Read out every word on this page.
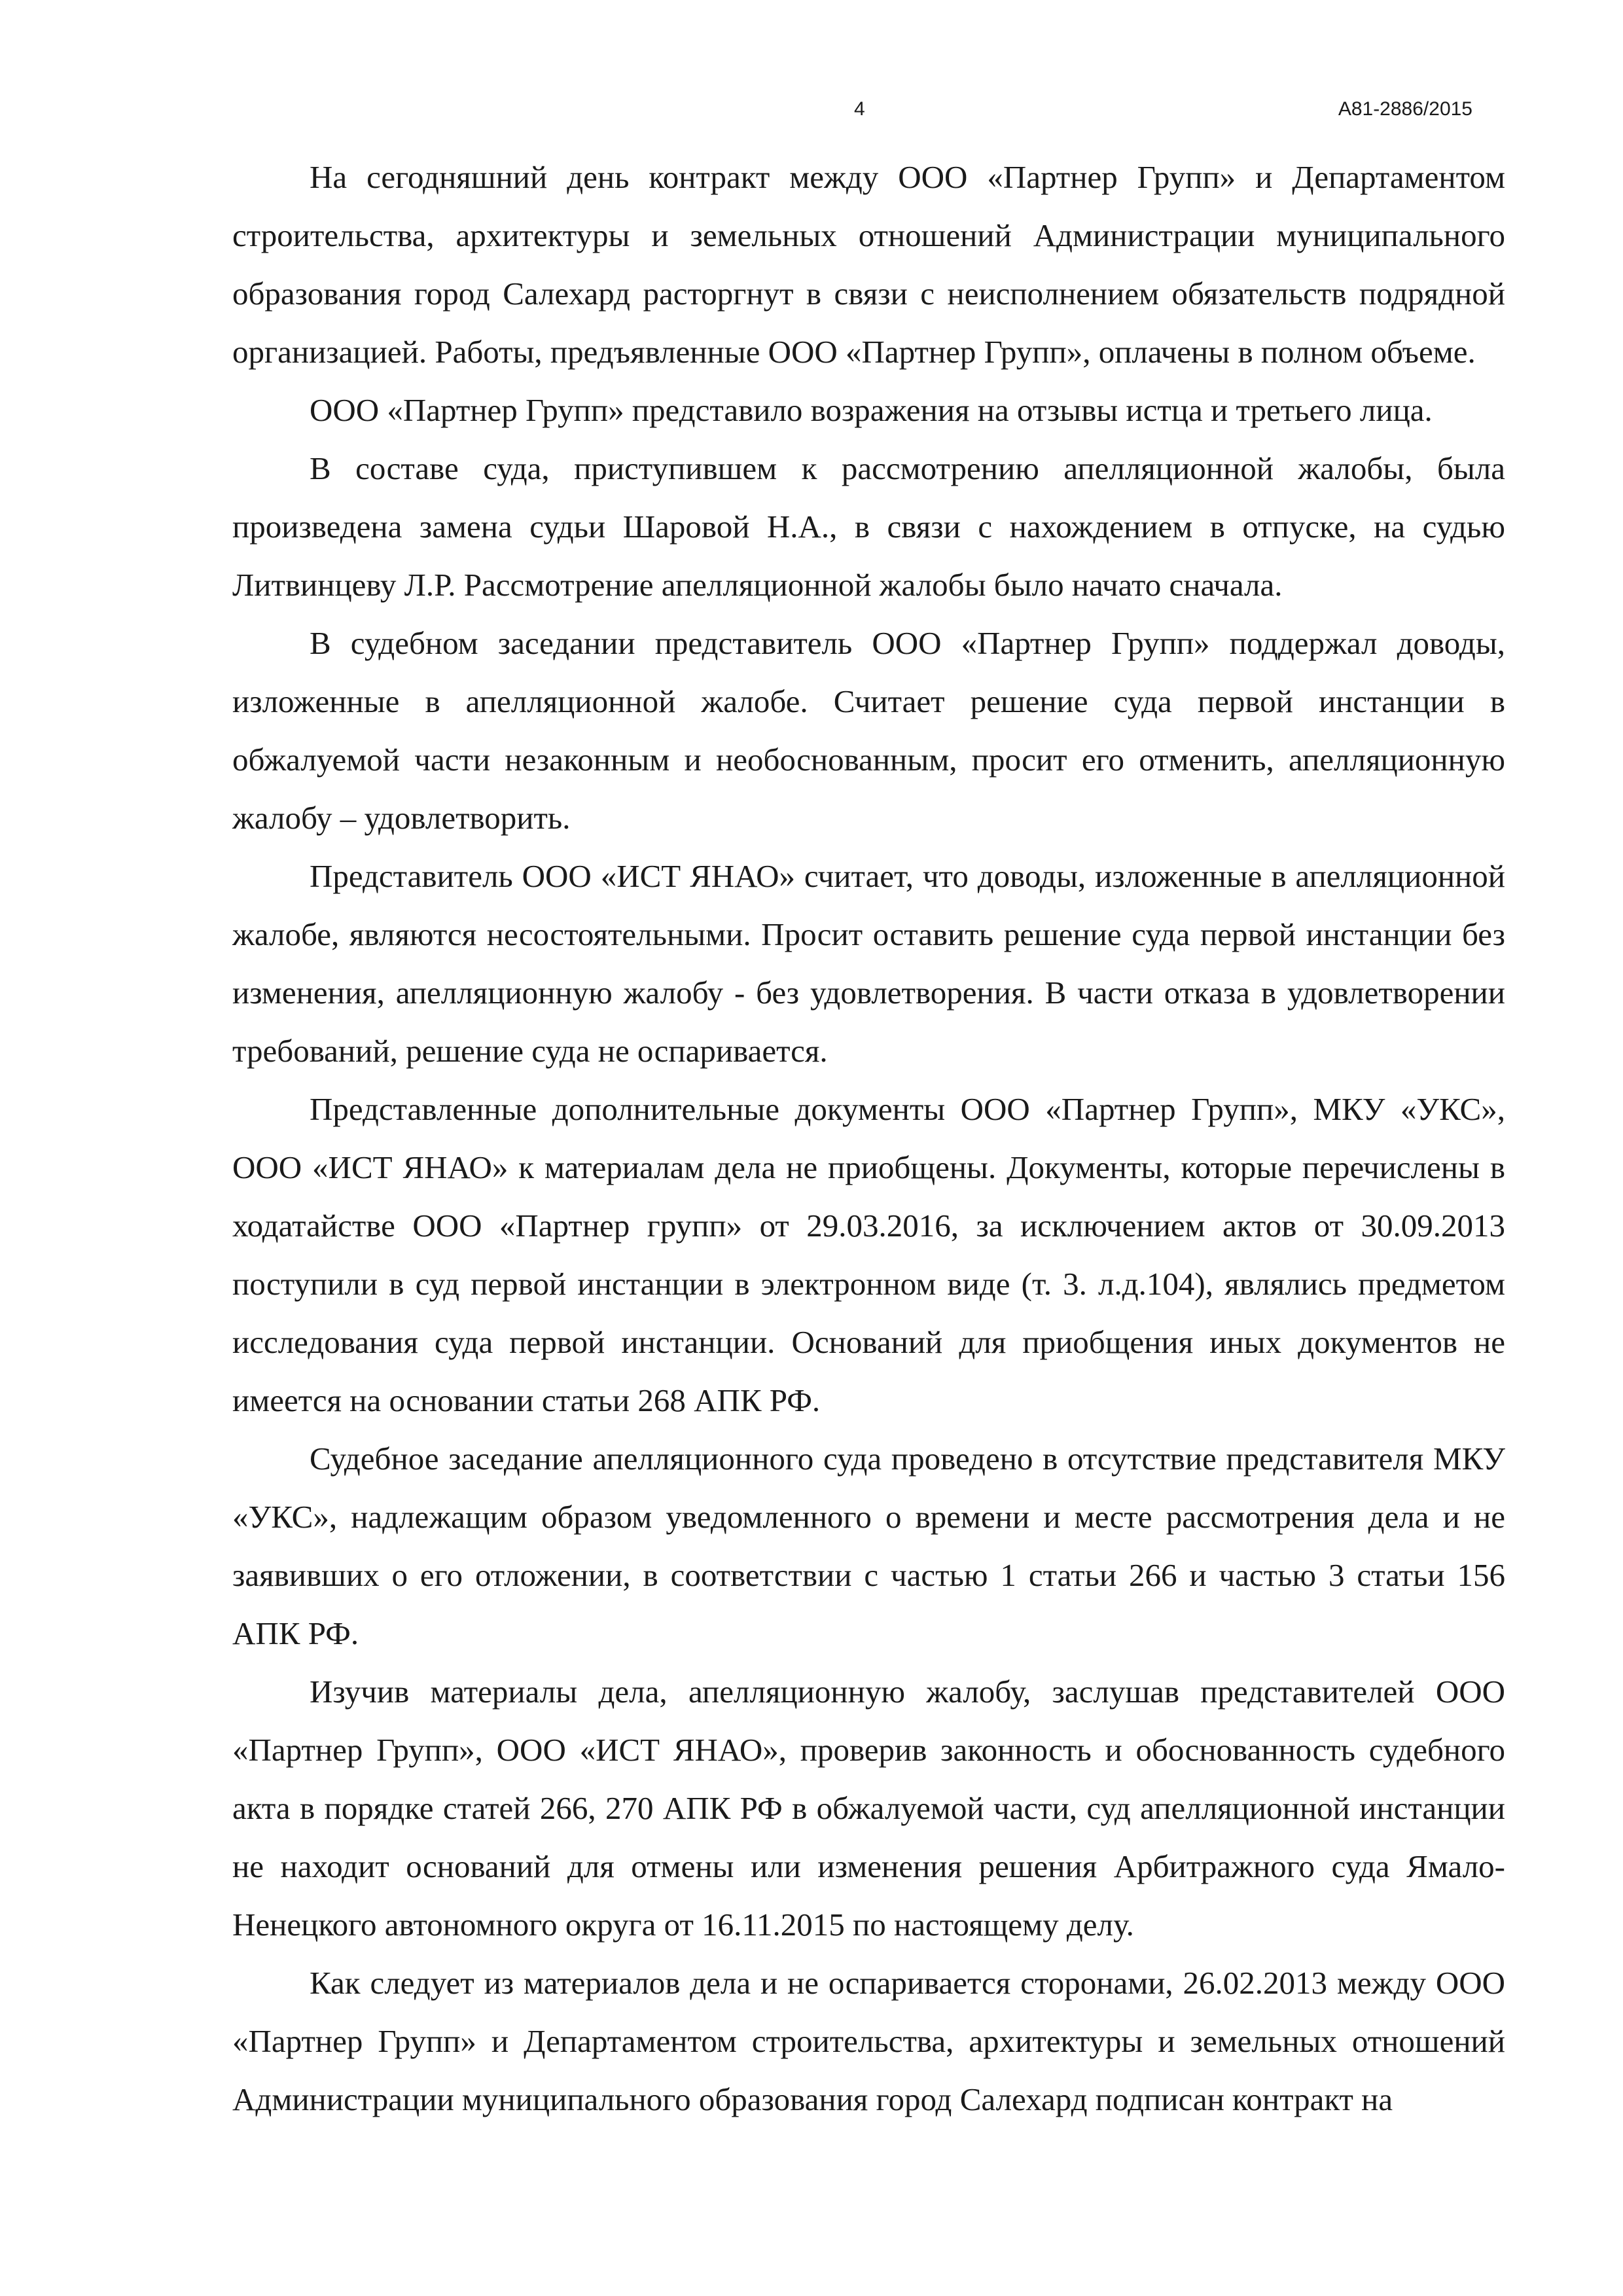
4	А81-2886/2015

На сегодняшний день контракт между ООО «Партнер Групп» и Департаментом строительства, архитектуры и земельных отношений Администрации муниципального образования город Салехард расторгнут в связи с неисполнением обязательств подрядной организацией. Работы, предъявленные ООО «Партнер Групп», оплачены в полном объеме.

ООО «Партнер Групп» представило возражения на отзывы истца и третьего лица.

В составе суда, приступившем к рассмотрению апелляционной жалобы, была произведена замена судьи Шаровой Н.А., в связи с нахождением в отпуске, на судью Литвинцеву Л.Р. Рассмотрение апелляционной жалобы было начато сначала.

В судебном заседании представитель ООО «Партнер Групп» поддержал доводы, изложенные в апелляционной жалобе. Считает решение суда первой инстанции в обжалуемой части незаконным и необоснованным, просит его отменить, апелляционную жалобу – удовлетворить.

Представитель ООО «ИСТ ЯНАО» считает, что доводы, изложенные в апелляционной жалобе, являются несостоятельными. Просит оставить решение суда первой инстанции без изменения, апелляционную жалобу - без удовлетворения. В части отказа в удовлетворении требований, решение суда не оспаривается.

Представленные дополнительные документы ООО «Партнер Групп», МКУ «УКС», ООО «ИСТ ЯНАО» к материалам дела не приобщены. Документы, которые перечислены в ходатайстве ООО «Партнер групп» от 29.03.2016, за исключением актов от 30.09.2013 поступили в суд первой инстанции в электронном виде (т. 3. л.д.104), являлись предметом исследования суда первой инстанции. Оснований для приобщения иных документов не имеется на основании статьи 268 АПК РФ.

Судебное заседание апелляционного суда проведено в отсутствие представителя МКУ «УКС», надлежащим образом уведомленного о времени и месте рассмотрения дела и не заявивших о его отложении, в соответствии с частью 1 статьи 266 и частью 3 статьи 156 АПК РФ.

Изучив материалы дела, апелляционную жалобу, заслушав представителей ООО «Партнер Групп», ООО «ИСТ ЯНАО», проверив законность и обоснованность судебного акта в порядке статей 266, 270 АПК РФ в обжалуемой части, суд апелляционной инстанции не находит оснований для отмены или изменения решения Арбитражного суда Ямало-Ненецкого автономного округа от 16.11.2015 по настоящему делу.

Как следует из материалов дела и не оспаривается сторонами, 26.02.2013 между ООО «Партнер Групп» и Департаментом строительства, архитектуры и земельных отношений Администрации муниципального образования город Салехард подписан контракт на
